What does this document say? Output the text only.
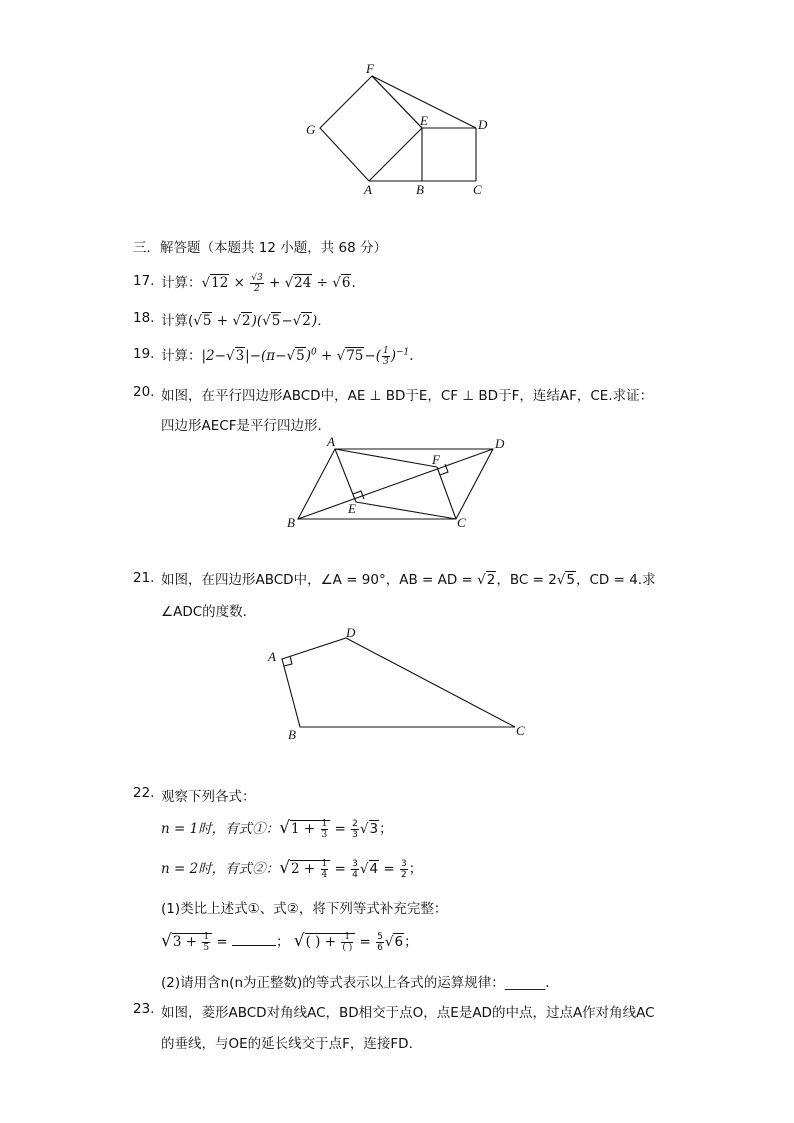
F
G
E	D
A	B	C
三．解答题（本题共 12 小题，共 68 分）
17. 计算：$√12 \times \frac{√3}{2} + √24 \div √6$.
18. 计算(√5 + √2)(√5−√2)．
19. 计算：$|2-√3|-(\pi-√5)^0 + √75-( \frac{1}{3} )^{-1}$.
20. 如图，在平行四边形ABCD中，AE ⊥ BD于E，CF ⊥ BD于F，连结AF，CE.求证：
四边形AECF是平行四边形．
A	D
F
B
E
C
21. 如图，在四边形ABCD中，∠A = 90°，AB = AD = √2，BC = 2√5，CD = 4.求
∠ADC的度数．
A
D
B	C
22. 观察下列各式：
n = 1时，有式①：$√1 + \frac{1}{3} = \frac{2}{3} √3$；
n = 2时，有式②：$√2 + \frac{1}{4} = \frac{3}{4} √4 = \frac{3}{2}$ ；
(1)类比上述式①、式②，将下列等式补充完整：
$√3 + \frac{1}{5}$ =	； √( ) + $\frac{1}{( )} = \frac{5}{6} √6$；
(2)请用含n(n为正整数)的等式表示以上各式的运算规律：______.
23. 如图，菱形ABCD对角线AC，BD相交于点O，点E是AD的中点，过点A作对角线AC
的垂线，与OE的延长线交于点F，连接FD.
